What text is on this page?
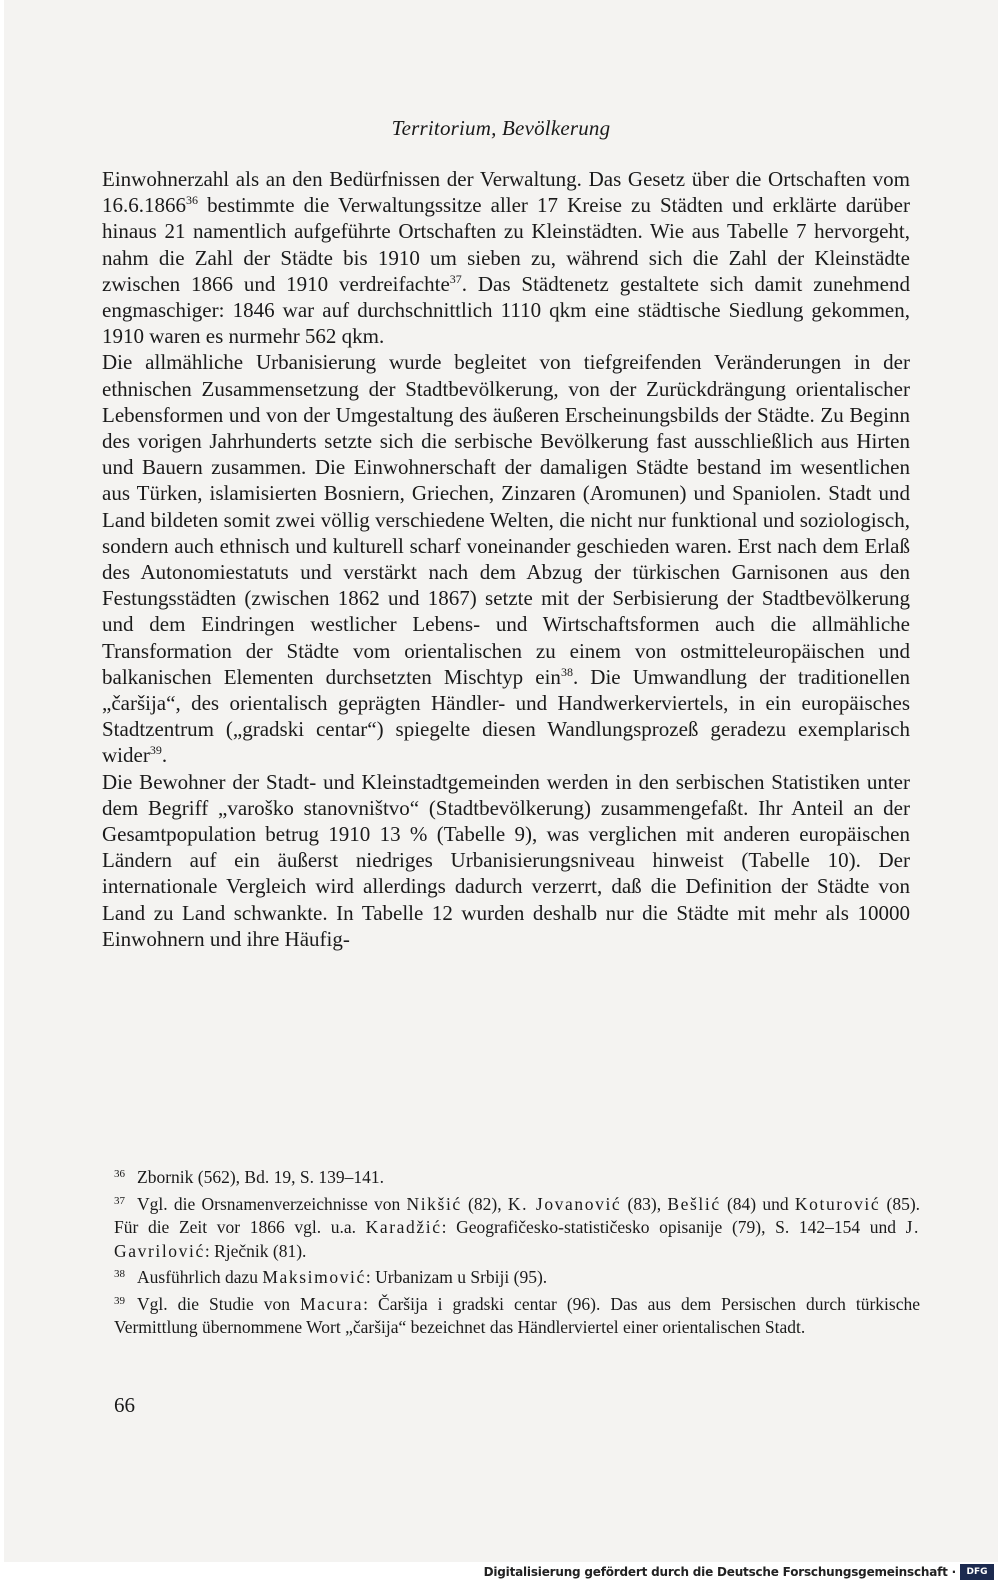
Territorium, Bevölkerung

Einwohnerzahl als an den Bedürfnissen der Verwaltung. Das Gesetz über die Ortschaften vom 16.6.1866$^{36}$ bestimmte die Verwaltungssitze aller 17 Kreise zu Städten und erklärte darüber hinaus 21 namentlich aufgeführte Ortschaften zu Kleinstädten. Wie aus Tabelle 7 hervorgeht, nahm die Zahl der Städte bis 1910 um sieben zu, während sich die Zahl der Kleinstädte zwischen 1866 und 1910 verdreifachte$^{37}$. Das Städtenetz gestaltete sich damit zunehmend engmaschiger: 1846 war auf durchschnittlich 1110 qkm eine städtische Siedlung gekommen, 1910 waren es nurmehr 562 qkm.

Die allmähliche Urbanisierung wurde begleitet von tiefgreifenden Veränderungen in der ethnischen Zusammensetzung der Stadtbevölkerung, von der Zurückdrängung orientalischer Lebensformen und von der Umgestaltung des äußeren Erscheinungsbilds der Städte. Zu Beginn des vorigen Jahrhunderts setzte sich die serbische Bevölkerung fast ausschließlich aus Hirten und Bauern zusammen. Die Einwohnerschaft der damaligen Städte bestand im wesentlichen aus Türken, islamisierten Bosniern, Griechen, Zinzaren (Aromunen) und Spaniolen. Stadt und Land bildeten somit zwei völlig verschiedene Welten, die nicht nur funktional und soziologisch, sondern auch ethnisch und kulturell scharf voneinander geschieden waren. Erst nach dem Erlaß des Autonomiestatuts und verstärkt nach dem Abzug der türkischen Garnisonen aus den Festungsstädten (zwischen 1862 und 1867) setzte mit der Serbisierung der Stadtbevölkerung und dem Eindringen westlicher Lebens- und Wirtschaftsformen auch die allmähliche Transformation der Städte vom orientalischen zu einem von ostmitteleuropäischen und balkanischen Elementen durchsetzten Mischtyp ein$^{38}$. Die Umwandlung der traditionellen „čaršija“, des orientalisch geprägten Händler- und Handwerkerviertels, in ein europäisches Stadtzentrum („gradski centar“) spiegelte diesen Wandlungsprozeß geradezu exemplarisch wider$^{39}$.

Die Bewohner der Stadt- und Kleinstadtgemeinden werden in den serbischen Statistiken unter dem Begriff „varoško stanovništvo“ (Stadtbevölkerung) zusammengefaßt. Ihr Anteil an der Gesamtpopulation betrug 1910 13 % (Tabelle 9), was verglichen mit anderen europäischen Ländern auf ein äußerst niedriges Urbanisierungsniveau hinweist (Tabelle 10). Der internationale Vergleich wird allerdings dadurch verzerrt, daß die Definition der Städte von Land zu Land schwankte. In Tabelle 12 wurden deshalb nur die Städte mit mehr als 10000 Einwohnern und ihre Häufig-

$^{36}$ Zbornik (562), Bd. 19, S. 139–141.

$^{37}$ Vgl. die Orsnamenverzeichnisse von Nikšić (82), K. Jovanović (83), Bešlić (84) und Koturović (85). Für die Zeit vor 1866 vgl. u.a. Karadžić: Geografičesko-statističesko opisanije (79), S. 142–154 und J. Gavrilović: Rječnik (81).

$^{38}$ Ausführlich dazu Maksimović: Urbanizam u Srbiji (95).

$^{39}$ Vgl. die Studie von Macura: Čaršija i gradski centar (96). Das aus dem Persischen durch türkische Vermittlung übernommene Wort „čaršija“ bezeichnet das Händlerviertel einer orientalischen Stadt.

66
Digitalisierung gefördert durch die Deutsche Forschungsgemeinschaft ·	DFG
